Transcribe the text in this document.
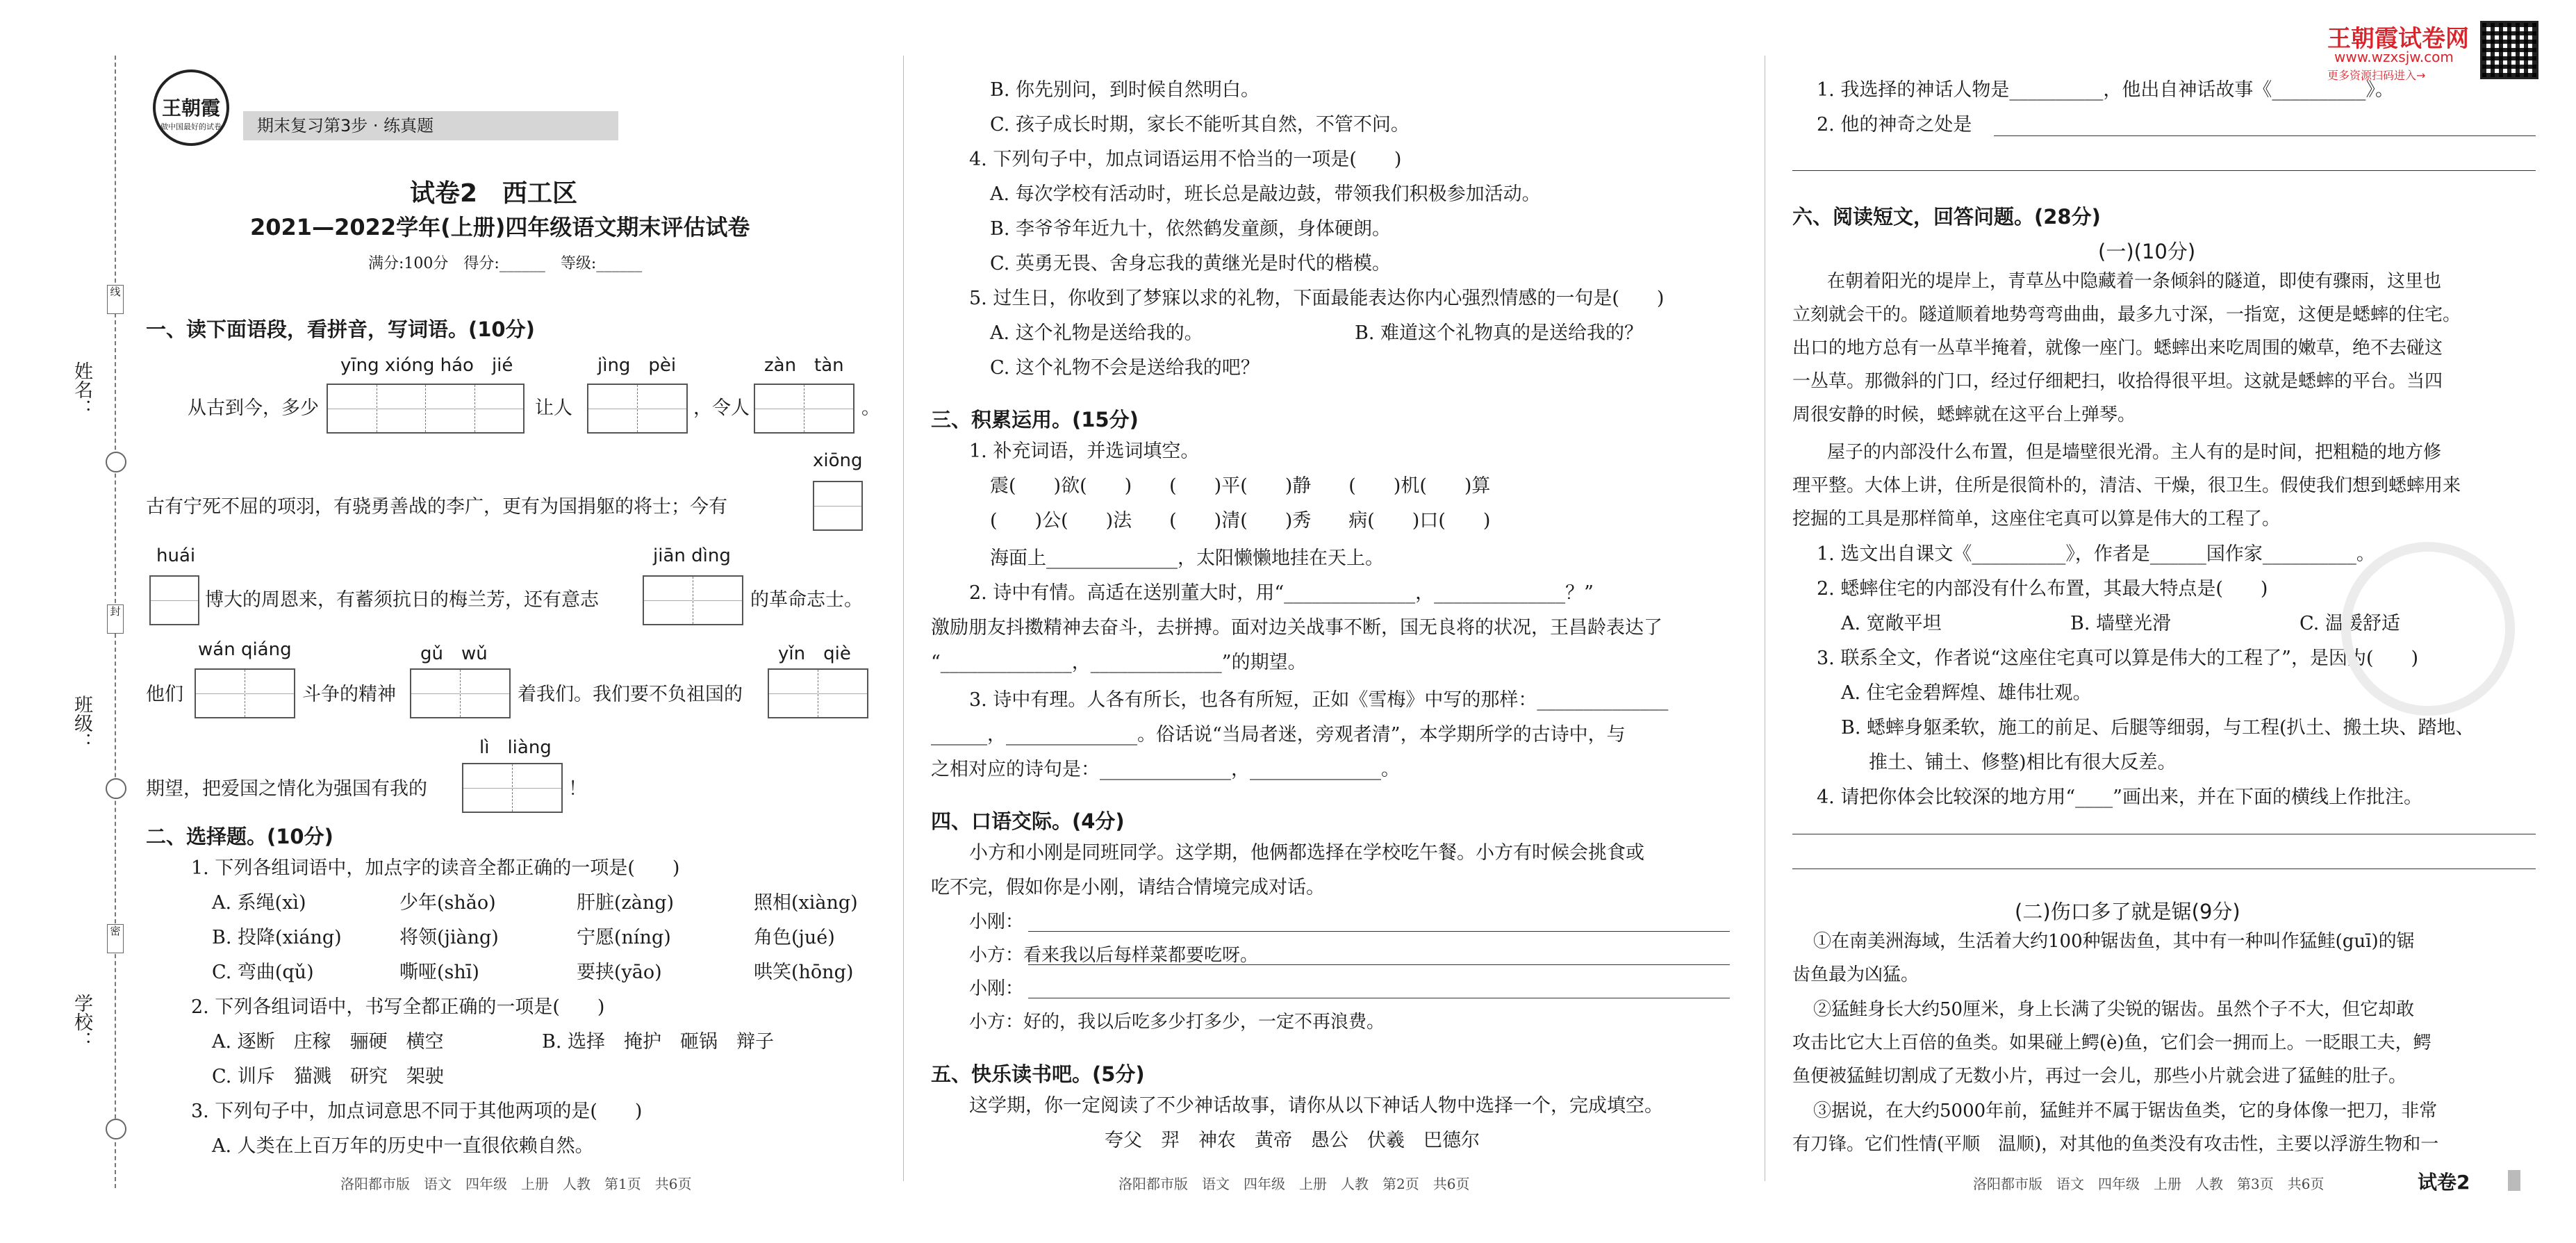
姓名：
班级：
学校：
线
封
密
王朝霞
做中国最好的试卷	期末复习第3步 · 练真题
试卷2　西工区
2021—2022学年(上册)四年级语文期末评估试卷
满分:100分　得分:______　等级:______
一、读下面语段，看拼音，写词语。(10分)
yīng xióng háo　jié	jìng　pèi	zàn　tàn
从古到今，多少	让人	，令人	。
xiōng
古有宁死不屈的项羽，有骁勇善战的李广，更有为国捐躯的将士；今有
huái	jiān dìng
博大的周恩来，有蓄须抗日的梅兰芳，还有意志	的革命志士。
wán qiáng	gǔ　wǔ	yǐn　qiè
他们	斗争的精神	着我们。我们要不负祖国的
lì　liàng
期望，把爱国之情化为强国有我的	！
二、选择题。(10分)
1. 下列各组词语中，加点字的读音全都正确的一项是(　　)
A. 系绳(xì)	少年(shǎo)	肝脏(zàng)	照相(xiàng)
B. 投降(xiáng)	将领(jiàng)	宁愿(níng)	角色(jué)
C. 弯曲(qǔ)	嘶哑(shī)	要挟(yāo)	哄笑(hōng)
2. 下列各组词语中，书写全都正确的一项是(　　)
A. 逐断　庄稼　骊硬　横空	B. 选择　掩护　砸锅　辩子
C. 训斥　猫溅　研究　架驶
3. 下列句子中，加点词意思不同于其他两项的是(　　)
A. 人类在上百万年的历史中一直很依赖自然。
洛阳都市版　语文　四年级　上册　人教　第1页　共6页
B. 你先别问，到时候自然明白。
C. 孩子成长时期，家长不能听其自然，不管不问。
4. 下列句子中，加点词语运用不恰当的一项是(　　)
A. 每次学校有活动时，班长总是敲边鼓，带领我们积极参加活动。
B. 李爷爷年近九十，依然鹤发童颜，身体硬朗。
C. 英勇无畏、舍身忘我的黄继光是时代的楷模。
5. 过生日，你收到了梦寐以求的礼物，下面最能表达你内心强烈情感的一句是(　　)
A. 这个礼物是送给我的。	B. 难道这个礼物真的是送给我的？
C. 这个礼物不会是送给我的吧？
三、积累运用。(15分)
1. 补充词语，并选词填空。
震(　　)欲(　　)　　(　　)平(　　)静　　(　　)机(　　)算
(　　)公(　　)法　　(　　)清(　　)秀　　病(　　)口(　　)
海面上______________，太阳懒懒地挂在天上。
2. 诗中有情。高适在送别董大时，用“______________，______________？”
激励朋友抖擞精神去奋斗，去拼搏。面对边关战事不断，国无良将的状况，王昌龄表达了
“______________，______________”的期望。
3. 诗中有理。人各有所长，也各有所短，正如《雪梅》中写的那样：______________
______，______________。俗话说“当局者迷，旁观者清”，本学期所学的古诗中，与
之相对应的诗句是：______________，______________。
四、口语交际。(4分)
小方和小刚是同班同学。这学期，他俩都选择在学校吃午餐。小方有时候会挑食或
吃不完，假如你是小刚，请结合情境完成对话。
小刚：
小方：看来我以后每样菜都要吃呀。
小刚：
小方：好的，我以后吃多少打多少，一定不再浪费。
五、快乐读书吧。(5分)
这学期，你一定阅读了不少神话故事，请你从以下神话人物中选择一个，完成填空。
夸父　羿　神农　黄帝　愚公　伏羲　巴德尔
洛阳都市版　语文　四年级　上册　人教　第2页　共6页
王朝霞试卷网
www.wzxsjw.com
更多资源扫码进入→
1. 我选择的神话人物是__________，他出自神话故事《__________》。
2. 他的神奇之处是
六、阅读短文，回答问题。(28分)
(一)(10分)
在朝着阳光的堤岸上，青草丛中隐藏着一条倾斜的隧道，即使有骤雨，这里也
立刻就会干的。隧道顺着地势弯弯曲曲，最多九寸深，一指宽，这便是蟋蟀的住宅。
出口的地方总有一丛草半掩着，就像一座门。蟋蟀出来吃周围的嫩草，绝不去碰这
一丛草。那微斜的门口，经过仔细耙扫，收拾得很平坦。这就是蟋蟀的平台。当四
周很安静的时候，蟋蟀就在这平台上弹琴。
屋子的内部没什么布置，但是墙壁很光滑。主人有的是时间，把粗糙的地方修
理平整。大体上讲，住所是很简朴的，清洁、干燥，很卫生。假使我们想到蟋蟀用来
挖掘的工具是那样简单，这座住宅真可以算是伟大的工程了。
1. 选文出自课文《__________》，作者是______国作家__________。
2. 蟋蟀住宅的内部没有什么布置，其最大特点是(　　)
A. 宽敞平坦	B. 墙壁光滑	C. 温暖舒适
3. 联系全文，作者说“这座住宅真可以算是伟大的工程了”，是因为(　　)
A. 住宅金碧辉煌、雄伟壮观。
B. 蟋蟀身躯柔软，施工的前足、后腿等细弱，与工程(扒土、搬土块、踏地、
推土、铺土、修整)相比有很大反差。
4. 请把你体会比较深的地方用“____”画出来，并在下面的横线上作批注。
(二)伤口多了就是锯(9分)
①在南美洲海域，生活着大约100种锯齿鱼，其中有一种叫作猛鲑(guī)的锯
齿鱼最为凶猛。
②猛鲑身长大约50厘米，身上长满了尖锐的锯齿。虽然个子不大，但它却敢
攻击比它大上百倍的鱼类。如果碰上鳄(è)鱼，它们会一拥而上。一眨眼工夫，鳄
鱼便被猛鲑切割成了无数小片，再过一会儿，那些小片就会进了猛鲑的肚子。
③据说，在大约5000年前，猛鲑并不属于锯齿鱼类，它的身体像一把刀，非常
有刀锋。它们性情(平顺　温顺)，对其他的鱼类没有攻击性，主要以浮游生物和一
洛阳都市版　语文　四年级　上册　人教　第3页　共6页	试卷2
